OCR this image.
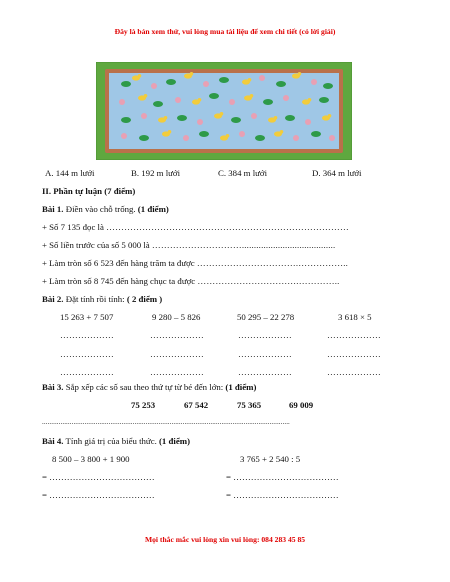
Đây là bản xem thử, vui lòng mua tài liệu để xem chi tiết (có lời giải)
A. 144 m lưới	B. 192 m lưới	C. 384 m lưới	D. 364 m lưới
II. Phần tự luận (7 điểm)
Bài 1. Điền vào chỗ trống. (1 điểm)
+ Số 7 135 đọc là ………………………………………………………………………
+ Số liền trước của số 5 000 là ………………………….......................................
+ Làm tròn số 6 523 đến hàng trăm ta được …………………………….……………..
+ Làm tròn số 8 745 đến hàng chục ta được …………………………….…………..
Bài 2. Đặt tính rồi tính: ( 2 điểm )
15 263 + 7 507	9 280 – 5 826	50 295 – 22 278	3 618 × 5
………………	………………	………………	………………
………………	………………	………………	………………
………………	………………	………………	………………
Bài 3. Sắp xếp các số sau theo thứ tự từ bé đến lớn: (1 điểm)
75 253	67 542	75 365	69 009
......................................................................................................................................
Bài 4. Tính giá trị của biểu thức. (1 điểm)
8 500 – 3 800 + 1 900	3 765 + 2 540 : 5
= ………………………………	= ………………………………
= ………………………………	= ………………………………
Mọi thắc mắc vui lòng xin vui lòng: 084 283 45 85
